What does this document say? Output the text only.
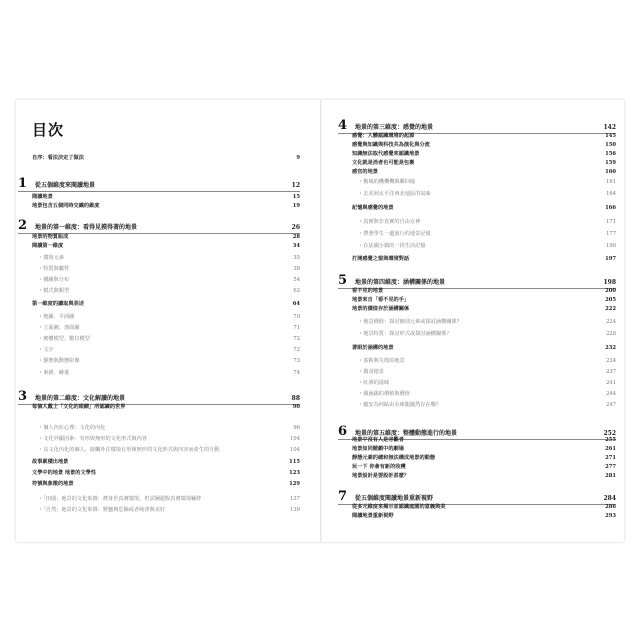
目次
自序：看法決定了做法	9
1	從五個維度來閱讀地景	12
閱讀地景	15
地景包含五個同時交織的維度	19
2	地景的第一維度：看得見摸得著的地景	26
地景的物質組成	28
閱讀第一維度	34
・環境元素	35
・特質與屬性	38
・構圖與分布	54
・模式與類型	62
第一維度的讀取與表述	64
・地圖、平面圖	70
・立面圖、剖面圖	71
・實體模型、數位模型	72
・文字	72
・靜態與動態影像	73
・素描、繪畫	74
3	地景的第二維度：文化解讀的地景	88
每個人戴上「文化的眼鏡」所認識的世界	90
・個人內在心理：文化的內化	96
・文化外顯因素：有形與無形的文化形式與內容	104
・具文化內化的個人，接觸外在環境有形與無形的文化形式與內容而產生的互動	104
故事累積出地景	115
文學中的地景 地景的文學性	123
符號與象徵的地景	129
・「田園」地景的文化象徵：農身於真實環境，但試圖超脫真實環境羈絆	137
・「自然」地景的文化象徵：野蠻與危險或者純淨與美好	139
4	地景的第三維度：感覺的地景	142
感覺：人體認識環境的起源	145
感覺與知識與科技共為演化與分流	150
知識無法取代感覺來認識地景	156
文化就是消者也可能是包裹	159
感官的地景	160
・衡城的機機機與聯回憶	161
・去美洲太平洋西北地區的氣味	164
記憶與感覺的地景	166
・真實與非真實的自由女神	171
・帶著學生一邊旅行的地景記憶	177
・在法國小鎮的一段生活記憶	190
打開感覺之窗與環境對話	197
5	地景的第四維度：涵構關係的地景	198
看不見的地景	200
地景來自「看不見的手」	205
地景的價值存於涵構關係	222
・地景價值：探討個別元素或探討涵構關係？	224
・地景特質：探討形式或探討涵構關係？	228
著眼於涵構的地景	232
・茶粕與失敗的地景	234
・微食地景	237
・紅酒的滋味	241
・蘊涵錫的價植與價值	244
・龐安為何貼由水庫龍擺然存在哪？	247
6	地景的第五維度：整體動態進行的地景	252
地景中沒有人是旁觀者	255
地景如同競劇中的劇場	261
靜態元素的總和無法構成地景的動態	271
玩一下 你會有新的收穫	277
地景設計是要設計甚麼？	281
7	從五個維度閱讀地景重新視野	284
從多元維度來揭示並認識庭園的意義與美	286
閱讀地景重新視野	293
